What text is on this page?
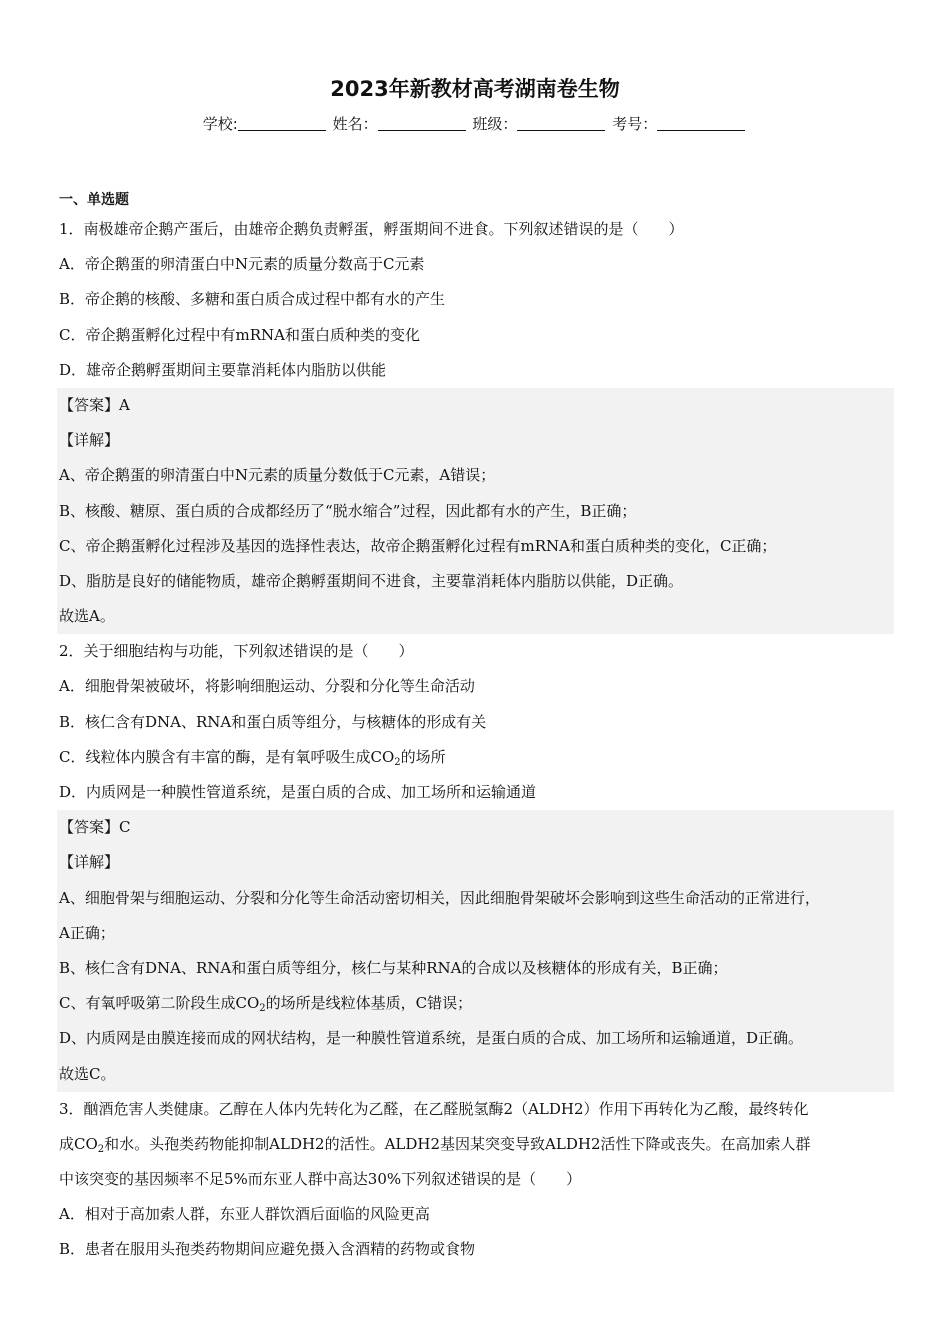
2023年新教材高考湖南卷生物
学校:	姓名：	班级：	考号：
一、单选题
1．南极雄帝企鹅产蛋后，由雄帝企鹅负责孵蛋，孵蛋期间不进食。下列叙述错误的是（　　）
A．帝企鹅蛋的卵清蛋白中N元素的质量分数高于C元素
B．帝企鹅的核酸、多糖和蛋白质合成过程中都有水的产生
C．帝企鹅蛋孵化过程中有mRNA和蛋白质种类的变化
D．雄帝企鹅孵蛋期间主要靠消耗体内脂肪以供能
【答案】A
【详解】
A、帝企鹅蛋的卵清蛋白中N元素的质量分数低于C元素，A错误；
B、核酸、糖原、蛋白质的合成都经历了“脱水缩合”过程，因此都有水的产生，B正确；
C、帝企鹅蛋孵化过程涉及基因的选择性表达，故帝企鹅蛋孵化过程有mRNA和蛋白质种类的变化，C正确；
D、脂肪是良好的储能物质，雄帝企鹅孵蛋期间不进食，主要靠消耗体内脂肪以供能，D正确。
故选A。
2．关于细胞结构与功能，下列叙述错误的是（　　）
A．细胞骨架被破坏，将影响细胞运动、分裂和分化等生命活动
B．核仁含有DNA、RNA和蛋白质等组分，与核糖体的形成有关
C．线粒体内膜含有丰富的酶，是有氧呼吸生成$CO_2$的场所
D．内质网是一种膜性管道系统，是蛋白质的合成、加工场所和运输通道
【答案】C
【详解】
A、细胞骨架与细胞运动、分裂和分化等生命活动密切相关，因此细胞骨架破坏会影响到这些生命活动的正常进行，
A正确；
B、核仁含有DNA、RNA和蛋白质等组分，核仁与某种RNA的合成以及核糖体的形成有关，B正确；
C、有氧呼吸第二阶段生成$CO_2$的场所是线粒体基质，C错误；
D、内质网是由膜连接而成的网状结构，是一种膜性管道系统，是蛋白质的合成、加工场所和运输通道，D正确。
故选C。
3．酗酒危害人类健康。乙醇在人体内先转化为乙醛，在乙醛脱氢酶2（ALDH2）作用下再转化为乙酸，最终转化
成$CO_2$和水。头孢类药物能抑制ALDH2的活性。ALDH2基因某突变导致ALDH2活性下降或丧失。在高加索人群
中该突变的基因频率不足5%而东亚人群中高达30%下列叙述错误的是（　　）
A．相对于高加索人群，东亚人群饮酒后面临的风险更高
B．患者在服用头孢类药物期间应避免摄入含酒精的药物或食物
